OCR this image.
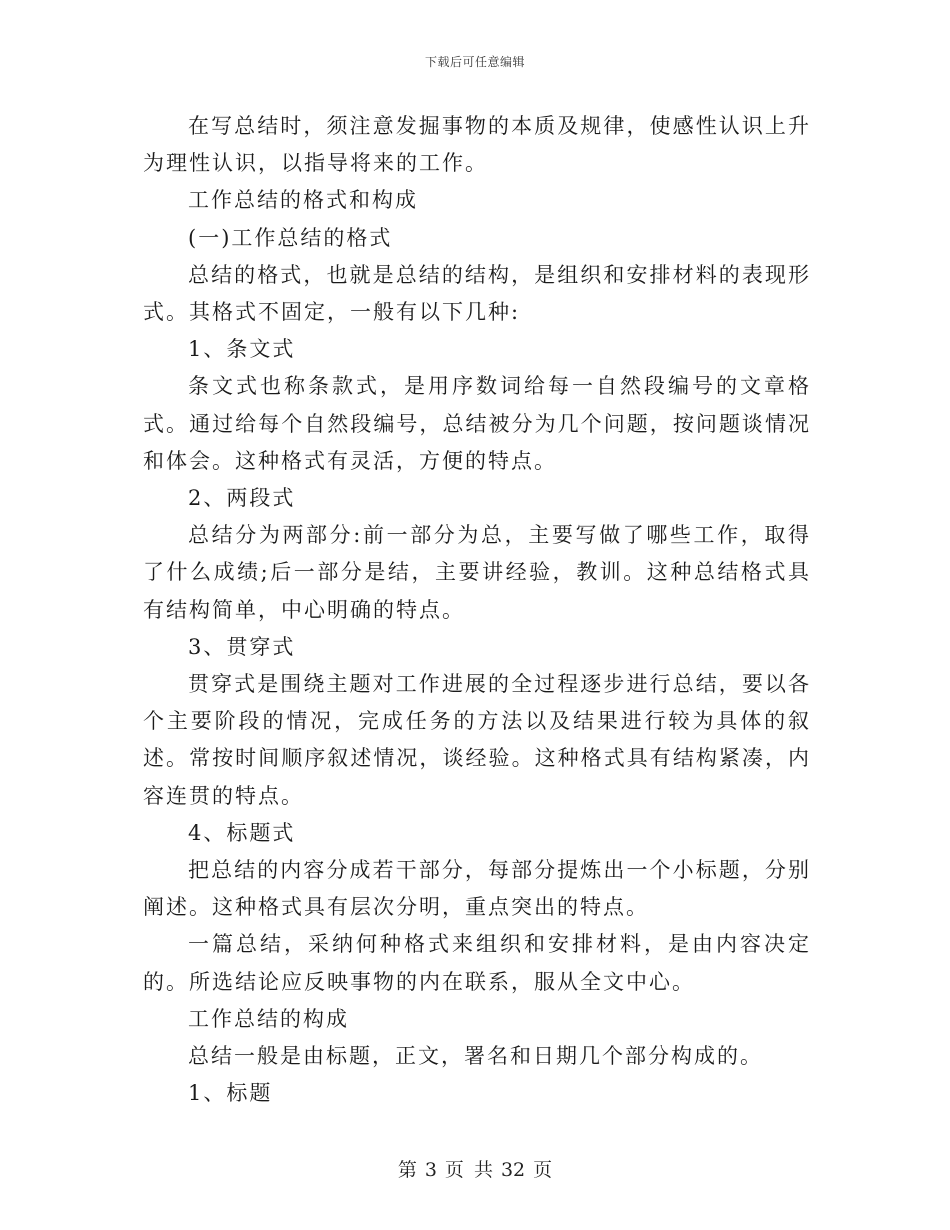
下载后可任意编辑

在写总结时，须注意发掘事物的本质及规律，使感性认识上升为理性认识，以指导将来的工作。

工作总结的格式和构成

(一)工作总结的格式

总结的格式，也就是总结的结构，是组织和安排材料的表现形式。其格式不固定，一般有以下几种:

1、条文式

条文式也称条款式，是用序数词给每一自然段编号的文章格式。通过给每个自然段编号，总结被分为几个问题，按问题谈情况和体会。这种格式有灵活，方便的特点。

2、两段式

总结分为两部分:前一部分为总，主要写做了哪些工作，取得了什么成绩;后一部分是结，主要讲经验，教训。这种总结格式具有结构简单，中心明确的特点。

3、贯穿式

贯穿式是围绕主题对工作进展的全过程逐步进行总结，要以各个主要阶段的情况，完成任务的方法以及结果进行较为具体的叙述。常按时间顺序叙述情况，谈经验。这种格式具有结构紧凑，内容连贯的特点。

4、标题式

把总结的内容分成若干部分，每部分提炼出一个小标题，分别阐述。这种格式具有层次分明，重点突出的特点。

一篇总结，采纳何种格式来组织和安排材料，是由内容决定的。所选结论应反映事物的内在联系，服从全文中心。

工作总结的构成

总结一般是由标题，正文，署名和日期几个部分构成的。

1、标题

第 3 页 共 32 页
